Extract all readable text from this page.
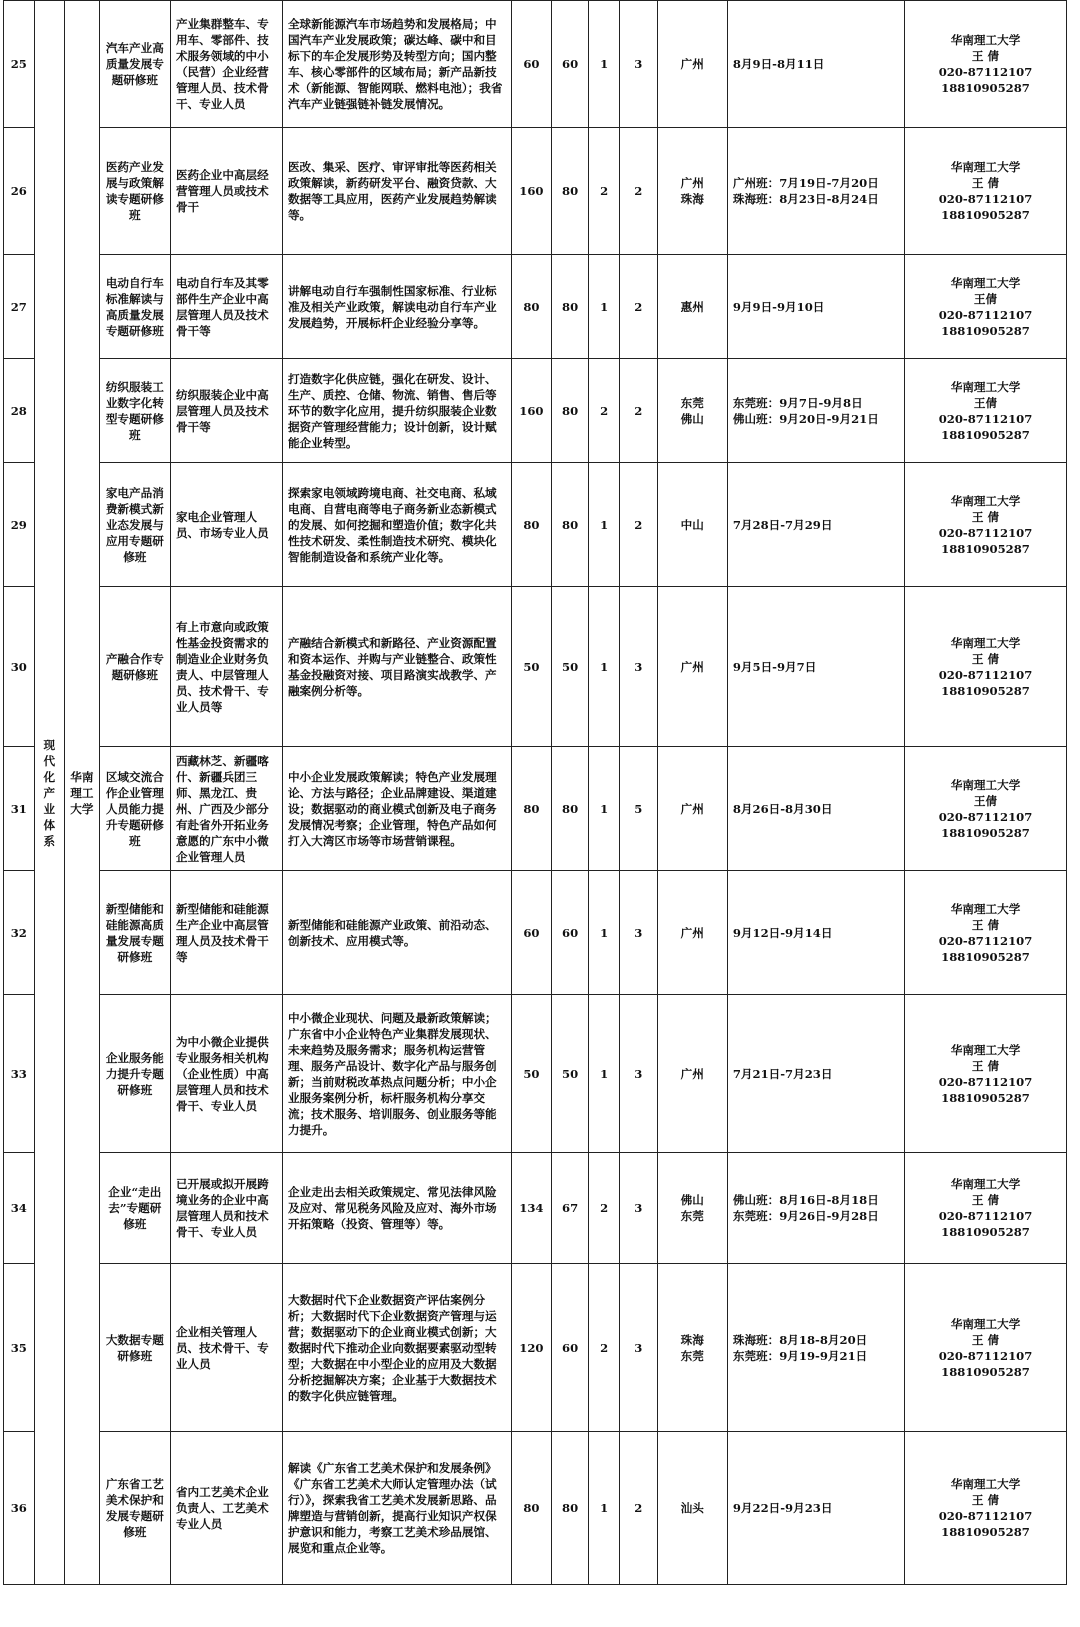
25	现代化产业体系	华南理工大学	汽车产业高质量发展专题研修班	产业集群整车、专用车、零部件、技术服务领域的中小（民营）企业经营管理人员、技术骨干、专业人员	全球新能源汽车市场趋势和发展格局；中国汽车产业发展政策；碳达峰、碳中和目标下的车企发展形势及转型方向；国内整车、核心零部件的区域布局；新产品新技术（新能源、智能网联、燃料电池）；我省汽车产业链强链补链发展情况。	60	60	1	3	广州	8月9日-8月11日	华南理工大学
王 倩
020-87112107
18810905287

26			医药产业发展与政策解读专题研修班	医药企业中高层经营管理人员或技术骨干	医改、集采、医疗、审评审批等医药相关政策解读，新药研发平台、融资贷款、大数据等工具应用，医药产业发展趋势解读等。	160	80	2	2	广州
珠海	广州班：7月19日-7月20日
珠海班：8月23日-8月24日	华南理工大学
王 倩
020-87112107
18810905287

27			电动自行车标准解读与高质量发展专题研修班	电动自行车及其零部件生产企业中高层管理人员及技术骨干等	讲解电动自行车强制性国家标准、行业标准及相关产业政策，解读电动自行车产业发展趋势，开展标杆企业经验分享等。	80	80	1	2	惠州	9月9日-9月10日	华南理工大学
王倩
020-87112107
18810905287

28			纺织服装工业数字化转型专题研修班	纺织服装企业中高层管理人员及技术骨干等	打造数字化供应链，强化在研发、设计、生产、质控、仓储、物流、销售、售后等环节的数字化应用，提升纺织服装企业数据资产管理经营能力；设计创新，设计赋能企业转型。	160	80	2	2	东莞
佛山	东莞班：9月7日-9月8日
佛山班：9月20日-9月21日	华南理工大学
王倩
020-87112107
18810905287

29			家电产品消费新模式新业态发展与应用专题研修班	家电企业管理人员、市场专业人员	探索家电领域跨境电商、社交电商、私域电商、自营电商等电子商务新业态新模式的发展、如何挖掘和塑造价值；数字化共性技术研发、柔性制造技术研究、模块化智能制造设备和系统产业化等。	80	80	1	2	中山	7月28日-7月29日	华南理工大学
王 倩
020-87112107
18810905287

30			产融合作专题研修班	有上市意向或政策性基金投资需求的制造业企业财务负责人、中层管理人员、技术骨干、专业人员等	产融结合新模式和新路径、产业资源配置和资本运作、并购与产业链整合、政策性基金投融资对接、项目路演实战教学、产融案例分析等。	50	50	1	3	广州	9月5日-9月7日	华南理工大学
王 倩
020-87112107
18810905287

31			区域交流合作企业管理人员能力提升专题研修班	西藏林芝、新疆喀什、新疆兵团三师、黑龙江、贵州、广西及少部分有赴省外开拓业务意愿的广东中小微企业管理人员	中小企业发展政策解读；特色产业发展理论、方法与路径；企业品牌建设、渠道建设；数据驱动的商业模式创新及电子商务发展情况考察；企业管理，特色产品如何打入大湾区市场等市场营销课程。	80	80	1	5	广州	8月26日-8月30日	华南理工大学
王倩
020-87112107
18810905287

32			新型储能和硅能源高质量发展专题研修班	新型储能和硅能源生产企业中高层管理人员及技术骨干等	新型储能和硅能源产业政策、前沿动态、创新技术、应用模式等。	60	60	1	3	广州	9月12日-9月14日	华南理工大学
王 倩
020-87112107
18810905287

33			企业服务能力提升专题研修班	为中小微企业提供专业服务相关机构（企业性质）中高层管理人员和技术骨干、专业人员	中小微企业现状、问题及最新政策解读；广东省中小企业特色产业集群发展现状、未来趋势及服务需求；服务机构运营管理、服务产品设计、数字化产品与服务创新；当前财税改革热点问题分析；中小企业服务案例分析，标杆服务机构分享交流；技术服务、培训服务、创业服务等能力提升。	50	50	1	3	广州	7月21日-7月23日	华南理工大学
王 倩
020-87112107
18810905287

34			企业“走出去”专题研修班	已开展或拟开展跨境业务的企业中高层管理人员和技术骨干、专业人员	企业走出去相关政策规定、常见法律风险及应对、常见税务风险及应对、海外市场开拓策略（投资、管理等）等。	134	67	2	3	佛山
东莞	佛山班：8月16日-8月18日
东莞班：9月26日-9月28日	华南理工大学
王 倩
020-87112107
18810905287

35			大数据专题研修班	企业相关管理人员、技术骨干、专业人员	大数据时代下企业数据资产评估案例分析；大数据时代下企业数据资产管理与运营；数据驱动下的企业商业模式创新；大数据时代下推动企业向数据要素驱动型转型；大数据在中小型企业的应用及大数据分析挖掘解决方案；企业基于大数据技术的数字化供应链管理。	120	60	2	3	珠海
东莞	珠海班：8月18-8月20日
东莞班：9月19-9月21日	华南理工大学
王 倩
020-87112107
18810905287

36			广东省工艺美术保护和发展专题研修班	省内工艺美术企业负责人、工艺美术专业人员	解读《广东省工艺美术保护和发展条例》《广东省工艺美术大师认定管理办法（试行）》，探索我省工艺美术发展新思路、品牌塑造与营销创新，提高行业知识产权保护意识和能力，考察工艺美术珍品展馆、展览和重点企业等。	80	80	1	2	汕头	9月22日-9月23日	华南理工大学
王 倩
020-87112107
18810905287
